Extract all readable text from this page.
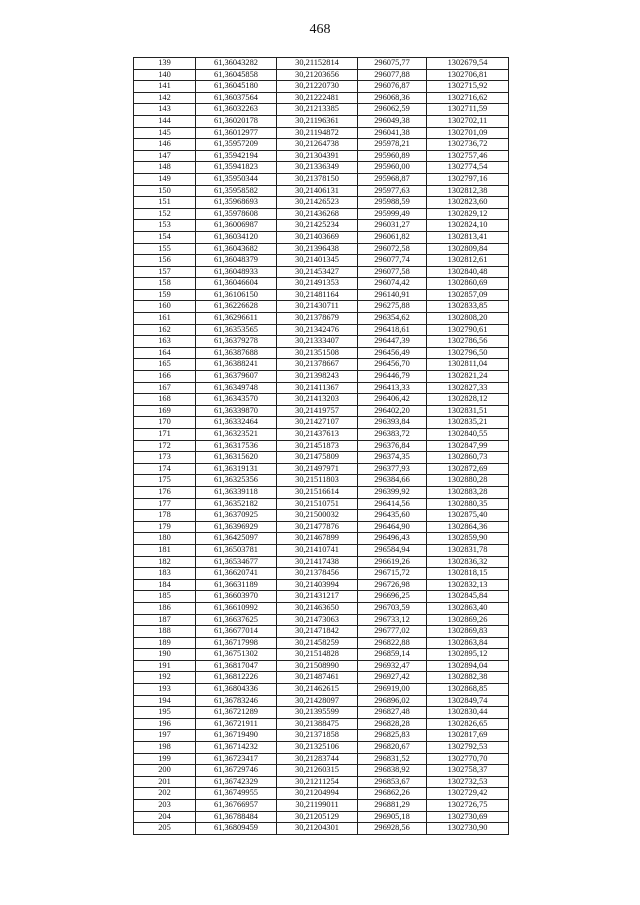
468
139	61,36043282	30,21152814	296075,77	1302679,54
140	61,36045858	30,21203656	296077,88	1302706,81
141	61,36045180	30,21220730	296076,87	1302715,92
142	61,36037564	30,21222481	296068,36	1302716,62
143	61,36032263	30,21213385	296062,59	1302711,59
144	61,36020178	30,21196361	296049,38	1302702,11
145	61,36012977	30,21194872	296041,38	1302701,09
146	61,35957209	30,21264738	295978,21	1302736,72
147	61,35942194	30,21304391	295960,89	1302757,46
148	61,35941823	30,21336349	295960,00	1302774,54
149	61,35950344	30,21378150	295968,87	1302797,16
150	61,35958582	30,21406131	295977,63	1302812,38
151	61,35968693	30,21426523	295988,59	1302823,60
152	61,35978608	30,21436268	295999,49	1302829,12
153	61,36006987	30,21425234	296031,27	1302824,10
154	61,36034120	30,21403669	296061,82	1302813,41
155	61,36043682	30,21396438	296072,58	1302809,84
156	61,36048379	30,21401345	296077,74	1302812,61
157	61,36048933	30,21453427	296077,58	1302840,48
158	61,36046604	30,21491353	296074,42	1302860,69
159	61,36106150	30,21481164	296140,91	1302857,09
160	61,36226628	30,21430711	296275,88	1302833,85
161	61,36296611	30,21378679	296354,62	1302808,20
162	61,36353565	30,21342476	296418,61	1302790,61
163	61,36379278	30,21333407	296447,39	1302786,56
164	61,36387688	30,21351508	296456,49	1302796,50
165	61,36388241	30,21378667	296456,70	1302811,04
166	61,36379607	30,21398243	296446,79	1302821,24
167	61,36349748	30,21411367	296413,33	1302827,33
168	61,36343570	30,21413203	296406,42	1302828,12
169	61,36339870	30,21419757	296402,20	1302831,51
170	61,36332464	30,21427107	296393,84	1302835,21
171	61,36323521	30,21437613	296383,72	1302840,55
172	61,36317536	30,21451873	296376,84	1302847,99
173	61,36315620	30,21475809	296374,35	1302860,73
174	61,36319131	30,21497971	296377,93	1302872,69
175	61,36325356	30,21511803	296384,66	1302880,28
176	61,36339118	30,21516614	296399,92	1302883,28
177	61,36352182	30,21510751	296414,56	1302880,35
178	61,36370925	30,21500032	296435,60	1302875,40
179	61,36396929	30,21477876	296464,90	1302864,36
180	61,36425097	30,21467899	296496,43	1302859,90
181	61,36503781	30,21410741	296584,94	1302831,78
182	61,36534677	30,21417438	296619,26	1302836,32
183	61,36620741	30,21378456	296715,72	1302818,15
184	61,36631189	30,21403994	296726,98	1302832,13
185	61,36603970	30,21431217	296696,25	1302845,84
186	61,36610992	30,21463650	296703,59	1302863,40
187	61,36637625	30,21473063	296733,12	1302869,26
188	61,36677014	30,21471842	296777,02	1302869,83
189	61,36717998	30,21458259	296822,88	1302863,84
190	61,36751302	30,21514828	296859,14	1302895,12
191	61,36817047	30,21508990	296932,47	1302894,04
192	61,36812226	30,21487461	296927,42	1302882,38
193	61,36804336	30,21462615	296919,00	1302868,85
194	61,36783246	30,21428097	296896,02	1302849,74
195	61,36721289	30,21395599	296827,48	1302830,44
196	61,36721911	30,21388475	296828,28	1302826,65
197	61,36719490	30,21371858	296825,83	1302817,69
198	61,36714232	30,21325106	296820,67	1302792,53
199	61,36723417	30,21283744	296831,52	1302770,70
200	61,36729746	30,21260315	296838,92	1302758,37
201	61,36742329	30,21211254	296853,67	1302732,53
202	61,36749955	30,21204994	296862,26	1302729,42
203	61,36766957	30,21199011	296881,29	1302726,75
204	61,36788484	30,21205129	296905,18	1302730,69
205	61,36809459	30,21204301	296928,56	1302730,90
